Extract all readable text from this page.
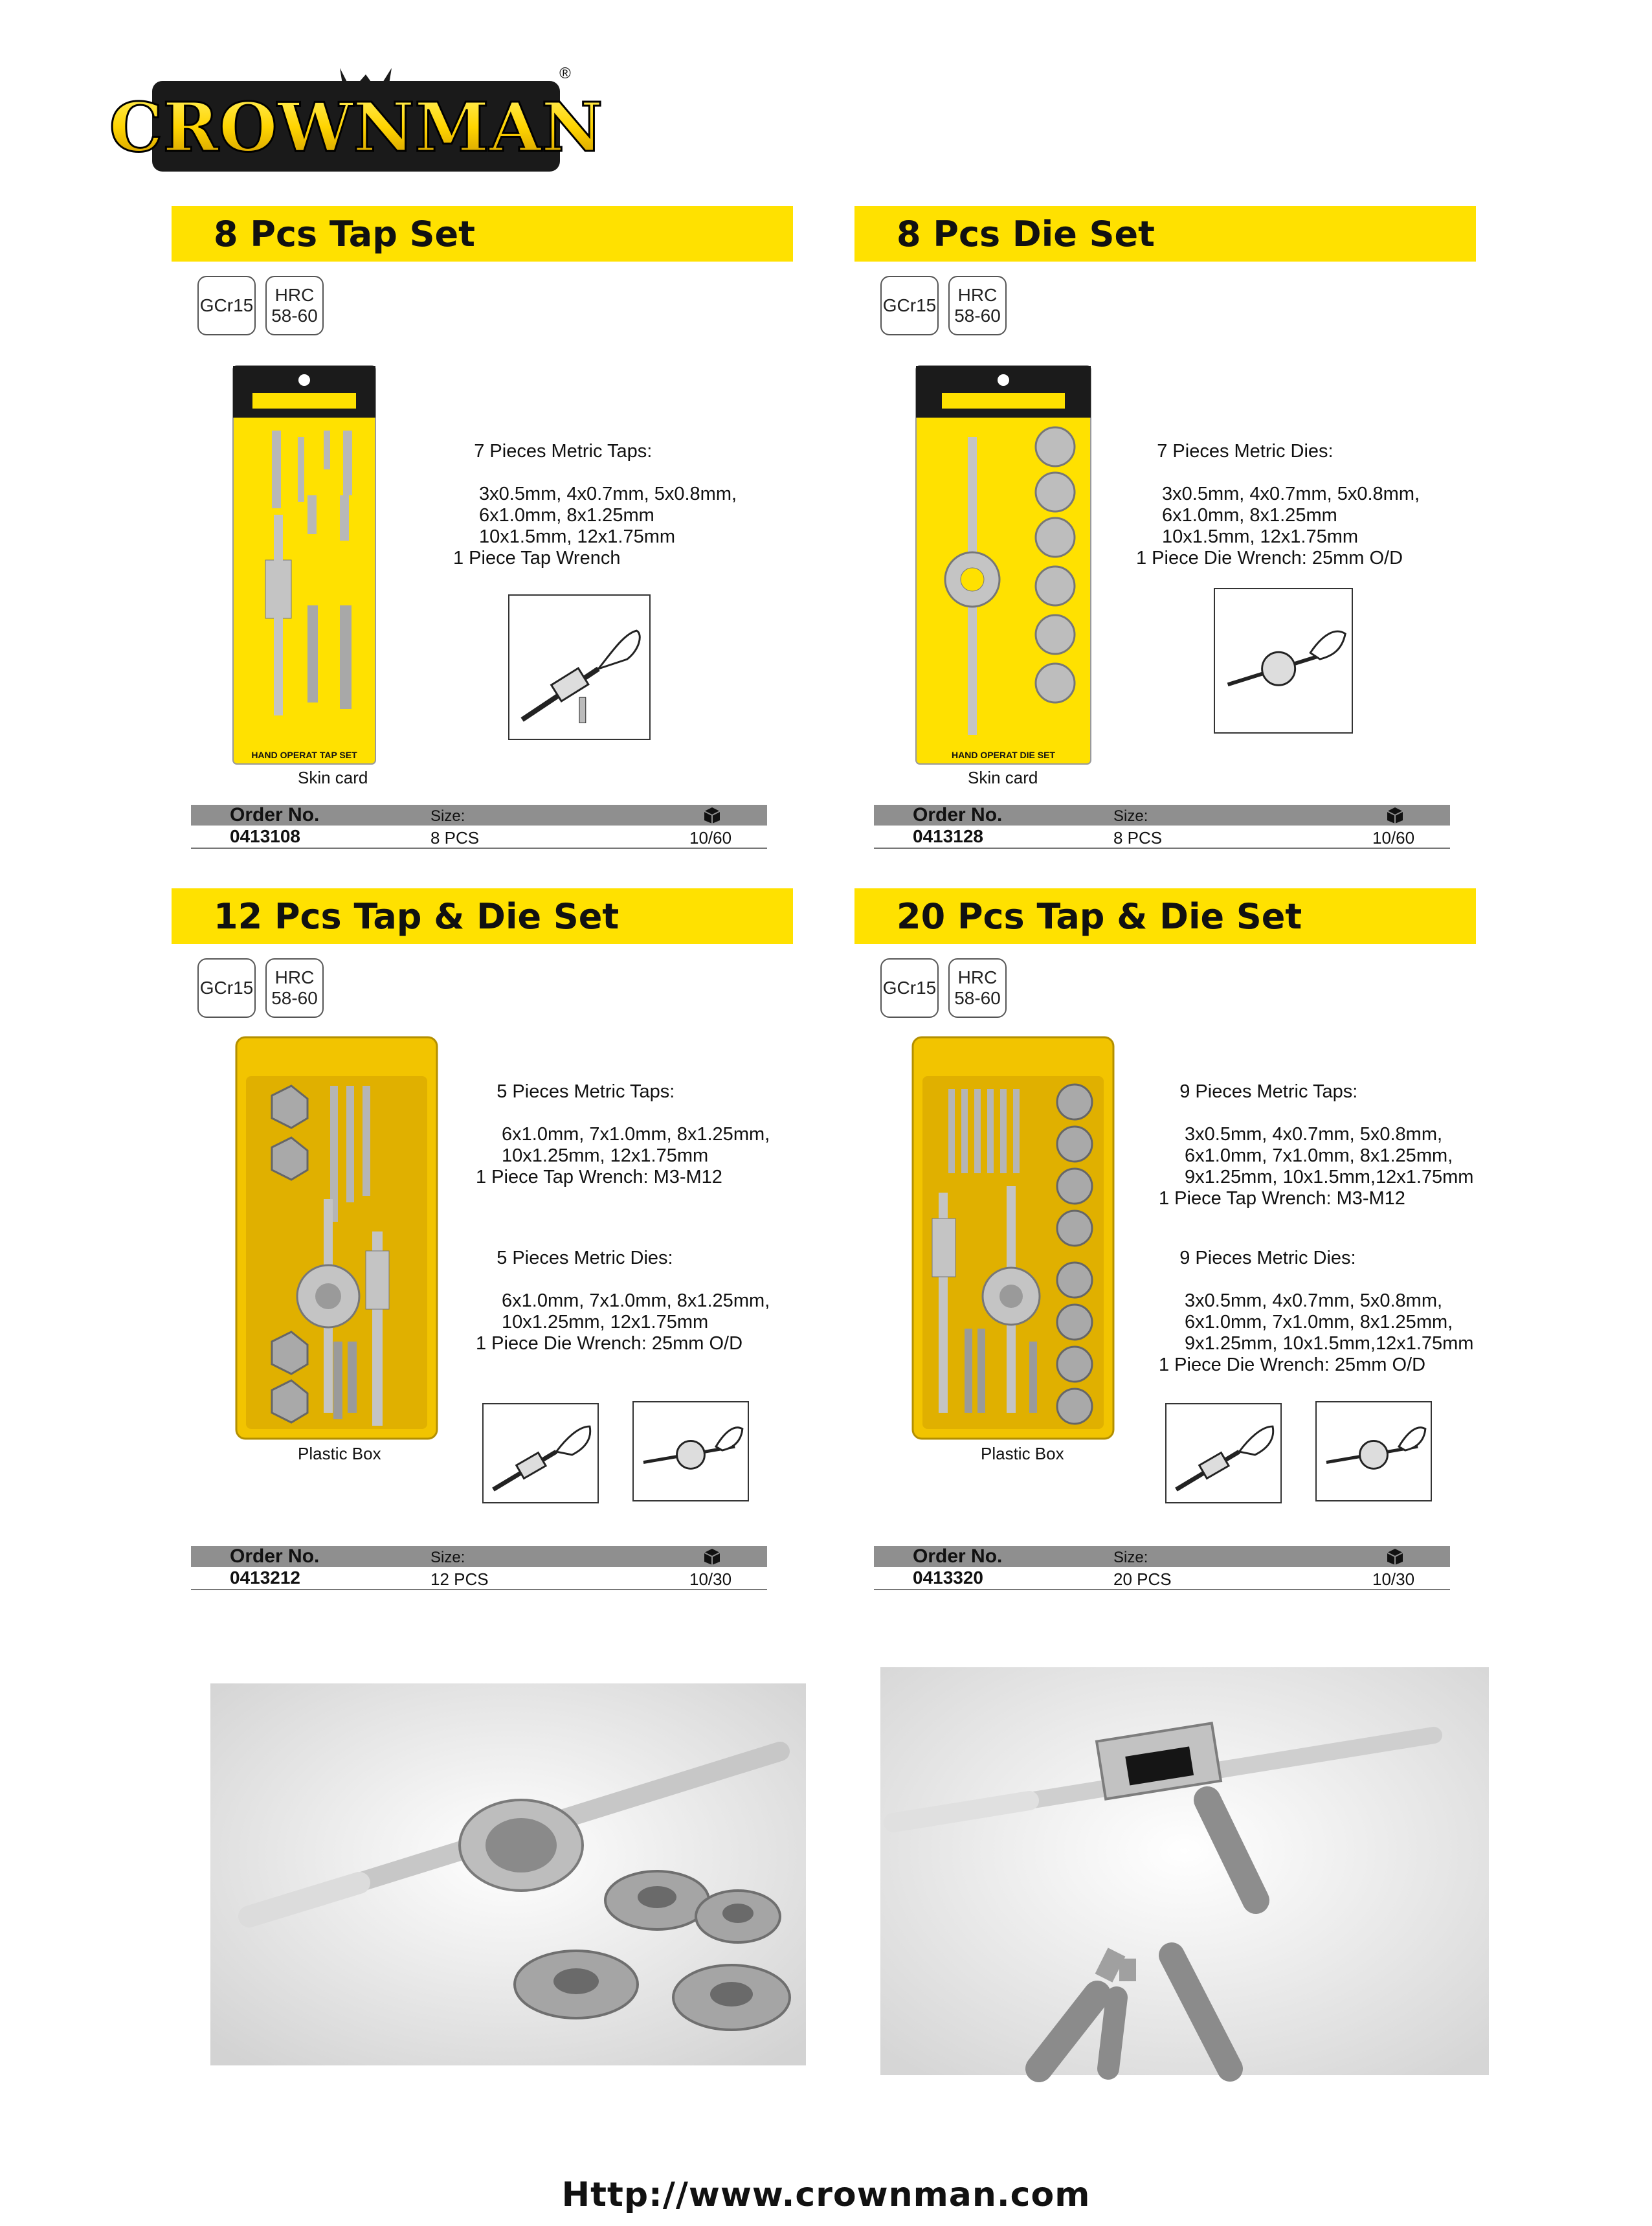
CROWNMAN
®
8 Pcs Tap Set
GCr15
HRC
58-60
HAND OPERAT TAP SET
Skin card

7 Pieces Metric Taps:

3x0.5mm, 4x0.7mm, 5x0.8mm,
6x1.0mm, 8x1.25mm
10x1.5mm, 12x1.75mm
1 Piece Tap Wrench

Order No.	Size:
0413108	8 PCS	10/60
8 Pcs Die Set
GCr15
HRC
58-60
HAND OPERAT DIE SET
Skin card

7 Pieces Metric Dies:

3x0.5mm, 4x0.7mm, 5x0.8mm,
6x1.0mm, 8x1.25mm
10x1.5mm, 12x1.75mm
1 Piece Die Wrench: 25mm O/D

Order No.	Size:
0413128	8 PCS	10/60
12 Pcs Tap & Die Set
GCr15
HRC
58-60
Plastic Box

5 Pieces Metric Taps:

6x1.0mm, 7x1.0mm, 8x1.25mm,
10x1.25mm, 12x1.75mm
1 Piece Tap Wrench: M3-M12

5 Pieces Metric Dies:

6x1.0mm, 7x1.0mm, 8x1.25mm,
10x1.25mm, 12x1.75mm
1 Piece Die Wrench: 25mm O/D

Order No.	Size:
0413212	12 PCS	10/30
20 Pcs Tap & Die Set
GCr15
HRC
58-60
Plastic Box

9 Pieces Metric Taps:

3x0.5mm, 4x0.7mm, 5x0.8mm,
6x1.0mm, 7x1.0mm, 8x1.25mm,
9x1.25mm, 10x1.5mm,12x1.75mm
1 Piece Tap Wrench: M3-M12

9 Pieces Metric Dies:

3x0.5mm, 4x0.7mm, 5x0.8mm,
6x1.0mm, 7x1.0mm, 8x1.25mm,
9x1.25mm, 10x1.5mm,12x1.75mm
1 Piece Die Wrench: 25mm O/D

Order No.	Size:
0413320	20 PCS	10/30
Http://www.crownman.com
